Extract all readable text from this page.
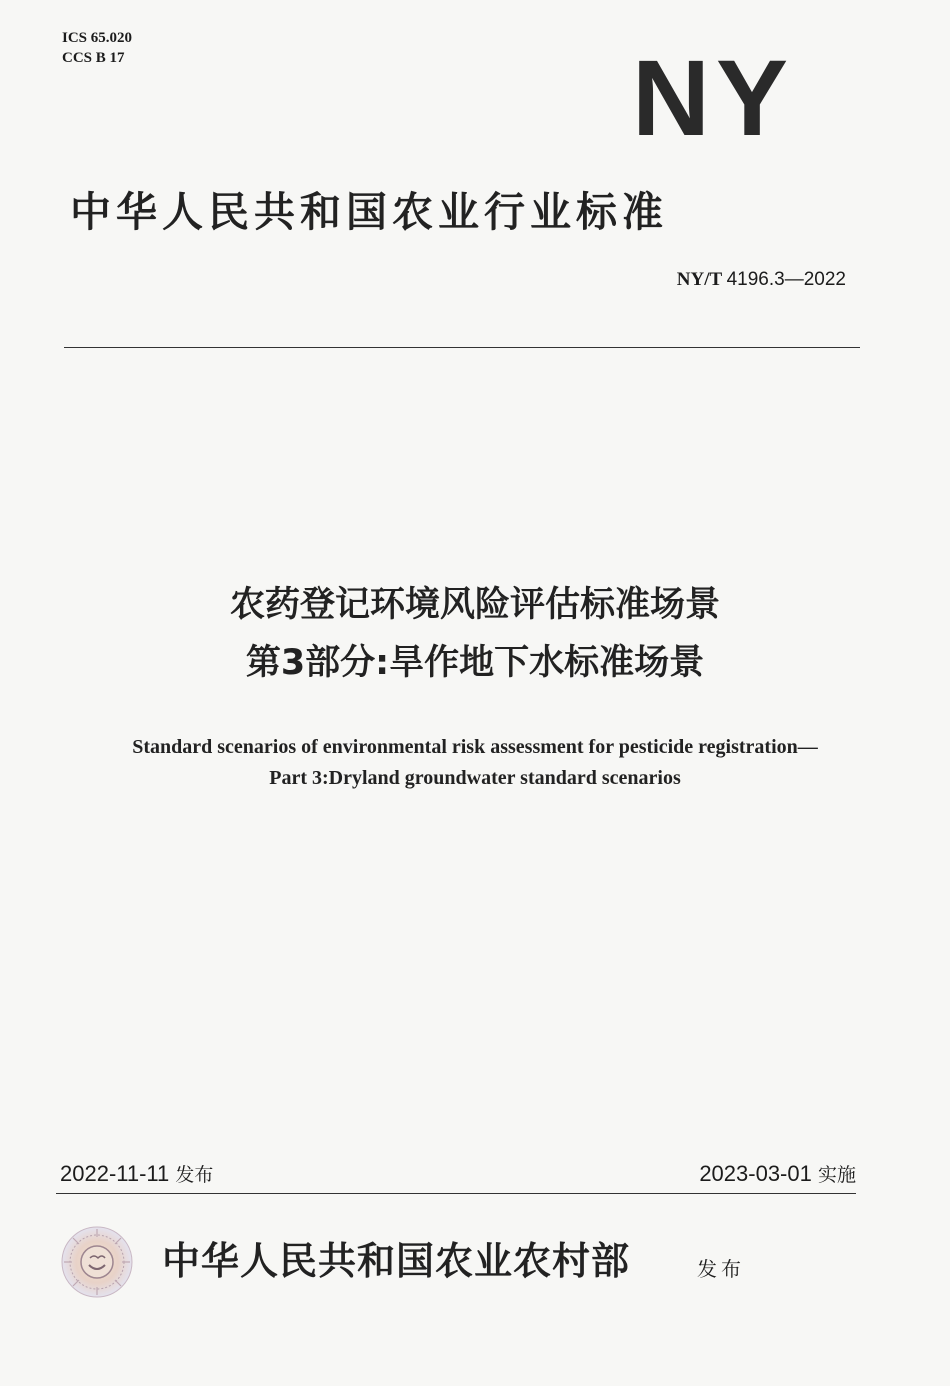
ICS 65.020
CCS B 17	NY
中华人民共和国农业行业标准
NY/T 4196.3—2022
农药登记环境风险评估标准场景
第3部分:旱作地下水标准场景
Standard scenarios of environmental risk assessment for pesticide registration—
Part 3:Dryland groundwater standard scenarios
2022-11-11 发布	2023-03-01 实施
中华人民共和国农业农村部	发布
